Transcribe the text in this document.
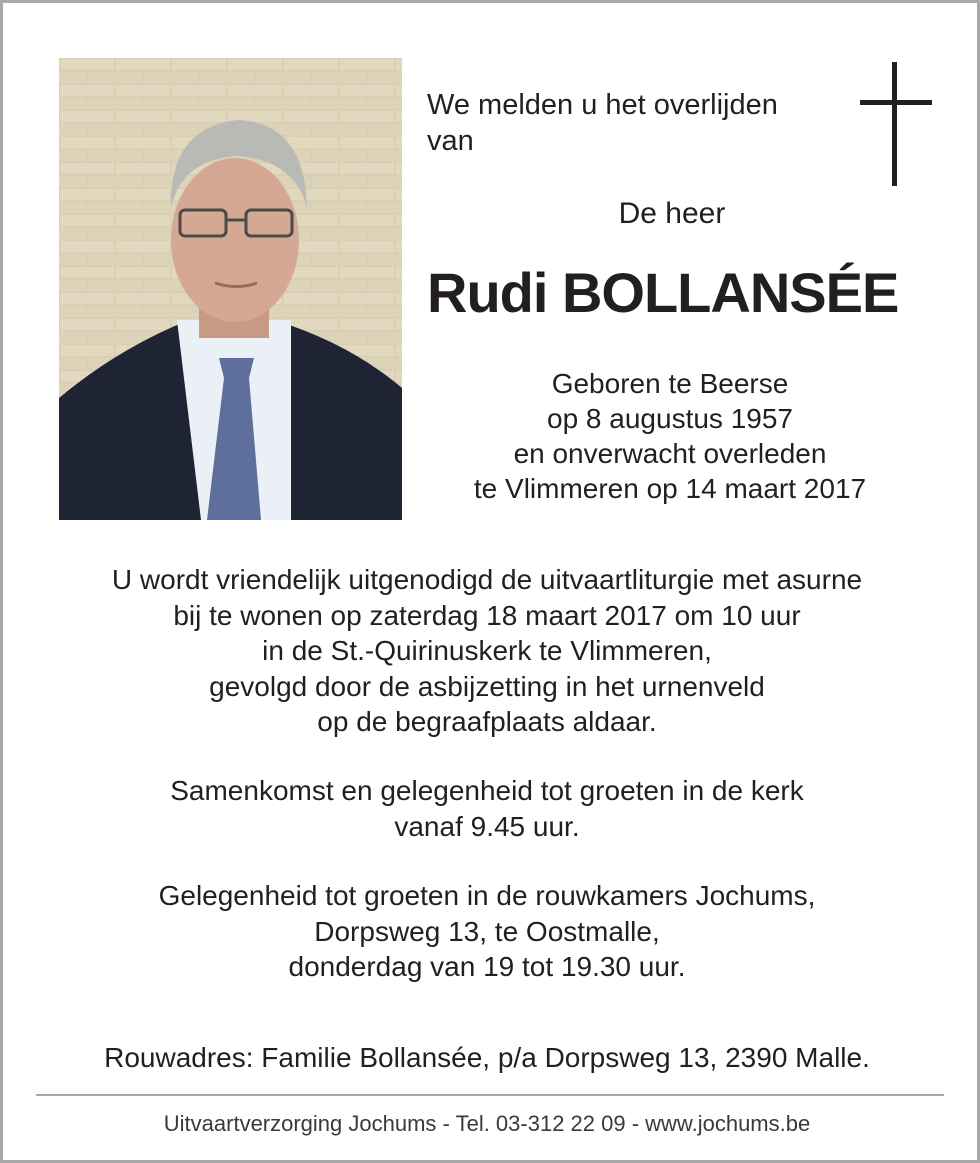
We melden u het overlijden
van
De heer
Rudi BOLLANSÉE
Geboren te Beerse
op 8 augustus 1957
en onverwacht overleden
te Vlimmeren op 14 maart 2017
U wordt vriendelijk uitgenodigd de uitvaartliturgie met asurne
bij te wonen op zaterdag 18 maart 2017 om 10 uur
in de St.-Quirinuskerk te Vlimmeren,
gevolgd door de asbijzetting in het urnenveld
op de begraafplaats aldaar.
Samenkomst en gelegenheid tot groeten in de kerk
vanaf 9.45 uur.
Gelegenheid tot groeten in de rouwkamers Jochums,
Dorpsweg 13, te Oostmalle,
donderdag van 19 tot 19.30 uur.
Rouwadres: Familie Bollansée, p/a Dorpsweg 13, 2390 Malle.
Uitvaartverzorging Jochums - Tel. 03-312 22 09 - www.jochums.be
